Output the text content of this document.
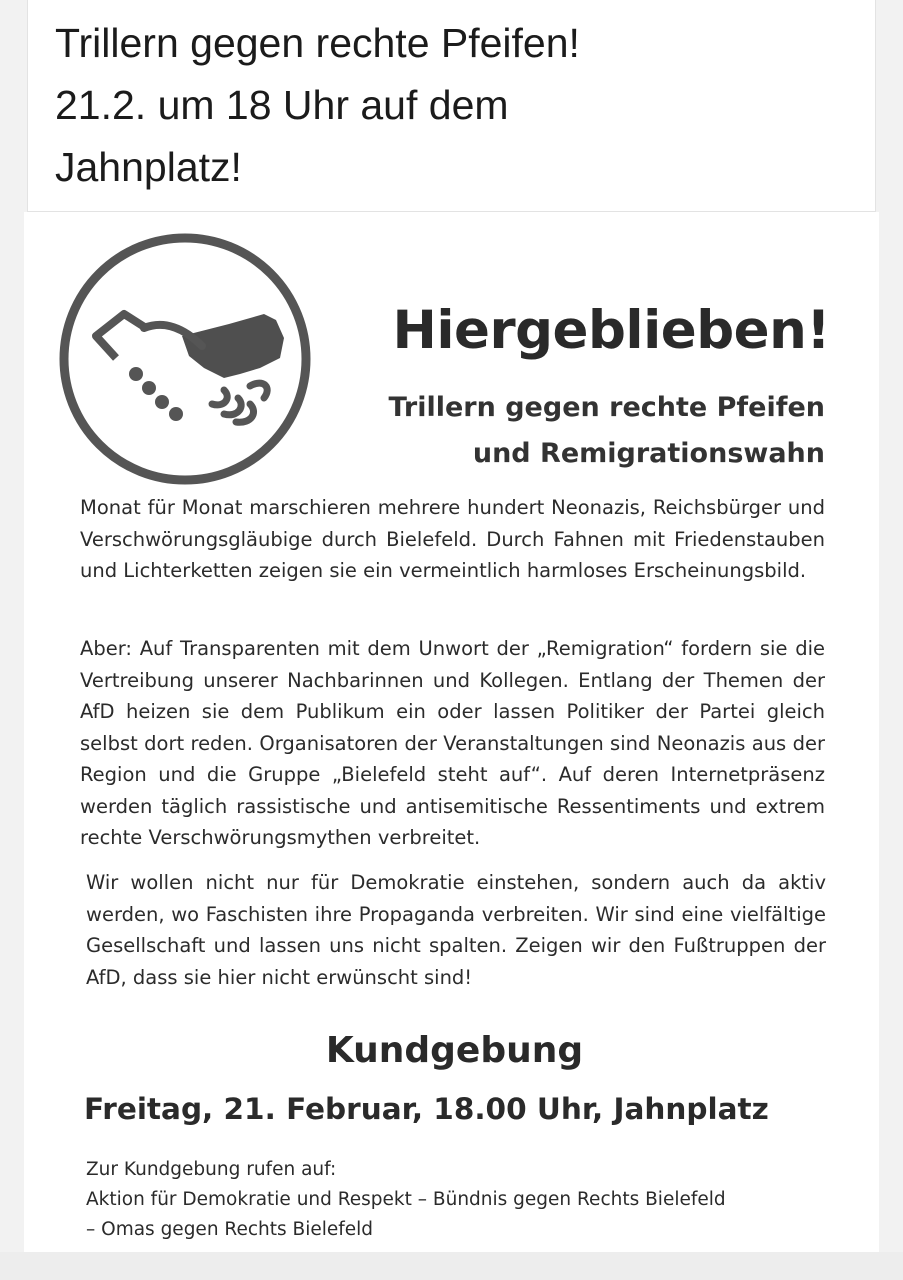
Trillern gegen rechte Pfeifen!
21.2. um 18 Uhr auf dem
Jahnplatz!
Hiergeblieben!
Trillern gegen rechte Pfeifen
und Remigrationswahn
Monat für Monat marschieren mehrere hundert Neonazis, Reichsbürger und Verschwörungsgläubige durch Bielefeld. Durch Fahnen mit Friedenstauben und Lichterketten zeigen sie ein vermeintlich harmloses Erscheinungsbild.
Aber: Auf Transparenten mit dem Unwort der „Remigration“ fordern sie die Vertreibung unserer Nachbarinnen und Kollegen. Entlang der Themen der AfD heizen sie dem Publikum ein oder lassen Politiker der Partei gleich selbst dort reden. Organisatoren der Veranstaltungen sind Neonazis aus der Region und die Gruppe „Bielefeld steht auf“. Auf deren Internetpräsenz werden täglich rassistische und antisemitische Ressentiments und extrem rechte Verschwörungsmythen verbreitet.
Wir wollen nicht nur für Demokratie einstehen, sondern auch da aktiv werden, wo Faschisten ihre Propaganda verbreiten. Wir sind eine vielfältige Gesellschaft und lassen uns nicht spalten. Zeigen wir den Fußtruppen der AfD, dass sie hier nicht erwünscht sind!
Kundgebung
Freitag, 21. Februar, 18.00 Uhr, Jahnplatz
Zur Kundgebung rufen auf:
Aktion für Demokratie und Respekt – Bündnis gegen Rechts Bielefeld
– Omas gegen Rechts Bielefeld
